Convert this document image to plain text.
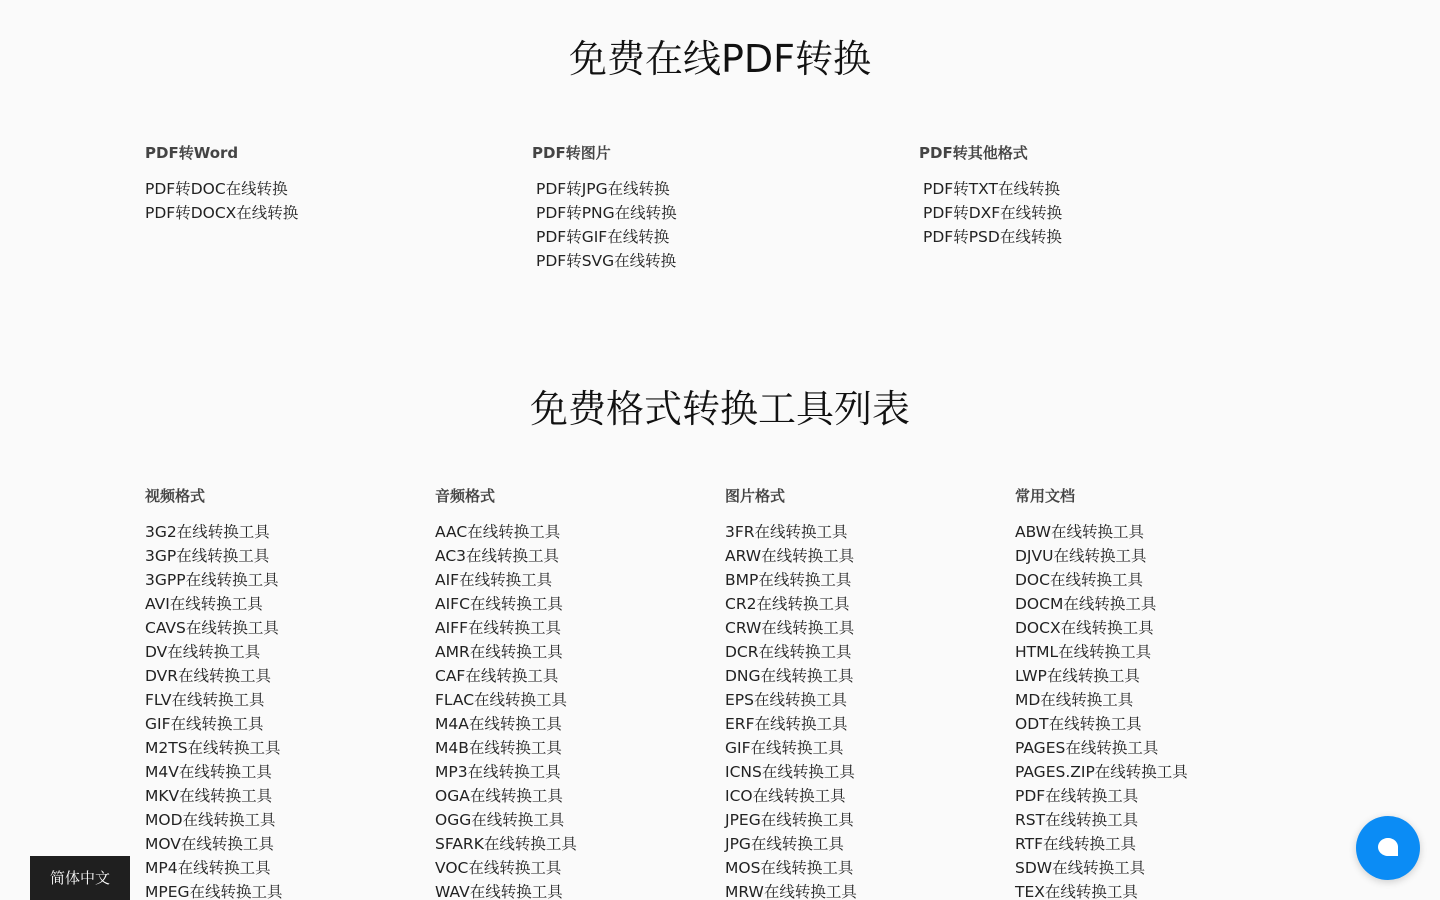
免费在线PDF转换
PDF转Word
PDF转DOC在线转换
PDF转DOCX在线转换
PDF转图片
PDF转JPG在线转换
PDF转PNG在线转换
PDF转GIF在线转换
PDF转SVG在线转换
PDF转其他格式
PDF转TXT在线转换
PDF转DXF在线转换
PDF转PSD在线转换
免费格式转换工具列表
视频格式
3G2在线转换工具
3GP在线转换工具
3GPP在线转换工具
AVI在线转换工具
CAVS在线转换工具
DV在线转换工具
DVR在线转换工具
FLV在线转换工具
GIF在线转换工具
M2TS在线转换工具
M4V在线转换工具
MKV在线转换工具
MOD在线转换工具
MOV在线转换工具
MP4在线转换工具
MPEG在线转换工具
音频格式
AAC在线转换工具
AC3在线转换工具
AIF在线转换工具
AIFC在线转换工具
AIFF在线转换工具
AMR在线转换工具
CAF在线转换工具
FLAC在线转换工具
M4A在线转换工具
M4B在线转换工具
MP3在线转换工具
OGA在线转换工具
OGG在线转换工具
SFARK在线转换工具
VOC在线转换工具
WAV在线转换工具
图片格式
3FR在线转换工具
ARW在线转换工具
BMP在线转换工具
CR2在线转换工具
CRW在线转换工具
DCR在线转换工具
DNG在线转换工具
EPS在线转换工具
ERF在线转换工具
GIF在线转换工具
ICNS在线转换工具
ICO在线转换工具
JPEG在线转换工具
JPG在线转换工具
MOS在线转换工具
MRW在线转换工具
常用文档
ABW在线转换工具
DJVU在线转换工具
DOC在线转换工具
DOCM在线转换工具
DOCX在线转换工具
HTML在线转换工具
LWP在线转换工具
MD在线转换工具
ODT在线转换工具
PAGES在线转换工具
PAGES.ZIP在线转换工具
PDF在线转换工具
RST在线转换工具
RTF在线转换工具
SDW在线转换工具
TEX在线转换工具
简体中文
